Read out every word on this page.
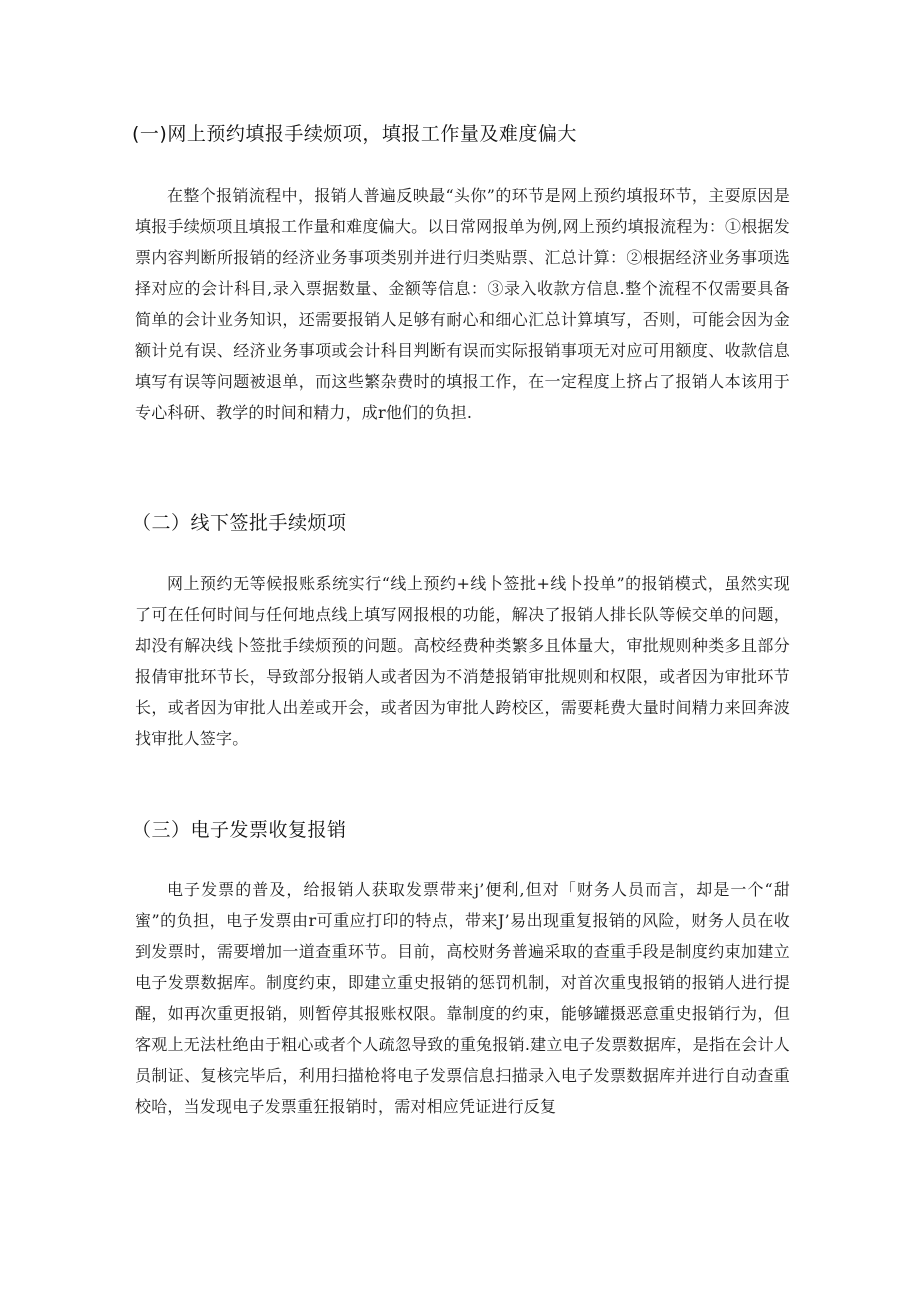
(一)网上预约填报手续烦项，填报工作量及难度偏大

在整个报销流程中，报销人普遍反映最“头你”的环节是网上预约填报环节，主耍原因是填报手续烦项且填报工作量和难度偏大。以日常网报单为例,网上预约填报流程为：①根据发票内容判断所报销的经济业务事项类别并进行归类贴票、汇总计算：②根据经济业务事项选择对应的会计科目,录入票据数量、金额等信息：③录入收款方信息.整个流程不仅需要具备简单的会计业务知识，还需要报销人足够有耐心和细心汇总计算填写，否则，可能会因为金额计兑有误、经济业务事项或会计科目判断有误而实际报销事项无对应可用额度、收款信息填写有误等问题被退单，而这些繁杂费时的填报工作，在一定程度上挤占了报销人本该用于专心科研、教学的时间和精力，成r他们的负担.

（二）线下签批手续烦项

网上预约无等候报账系统实行“线上预约+线卜签批+线卜投单”的报销模式，虽然实现了可在任何时间与任何地点线上填写网报根的功能，解决了报销人排长队等候交单的问题，却没有解决线卜签批手续烦预的问题。高校经费种类繁多且体量大，审批规则种类多且部分报倩审批环节长，导致部分报销人或者因为不消楚报销审批规则和权限，或者因为审批环节长，或者因为审批人出差或开会，或者因为审批人跨校区，需要耗费大量时间精力来回奔波找审批人签字。

（三）电子发票收复报销

电子发票的普及，给报销人获取发票带来j’便利,但对「财务人员而言，却是一个“甜蜜”的负担，电子发票由r可重应打印的特点，带来J’易出现重复报销的风险，财务人员在收到发票时，需要增加一道查重环节。目前，高校财务普遍采取的查重手段是制度约束加建立电子发票数据库。制度约束，即建立重史报销的惩罚机制，对首次重曳报销的报销人进行提醒，如再次重更报销，则暂停其报账权限。靠制度的约束，能够罐摄恶意重史报销行为，但客观上无法杜绝由于粗心或者个人疏忽导致的重兔报销.建立电子发票数据库，是指在会计人员制证、复核完毕后，利用扫描枪将电子发票信息扫描录入电子发票数据库并进行自动查重校哈，当发现电子发票重狂报销时，需对相应凭证进行反复
